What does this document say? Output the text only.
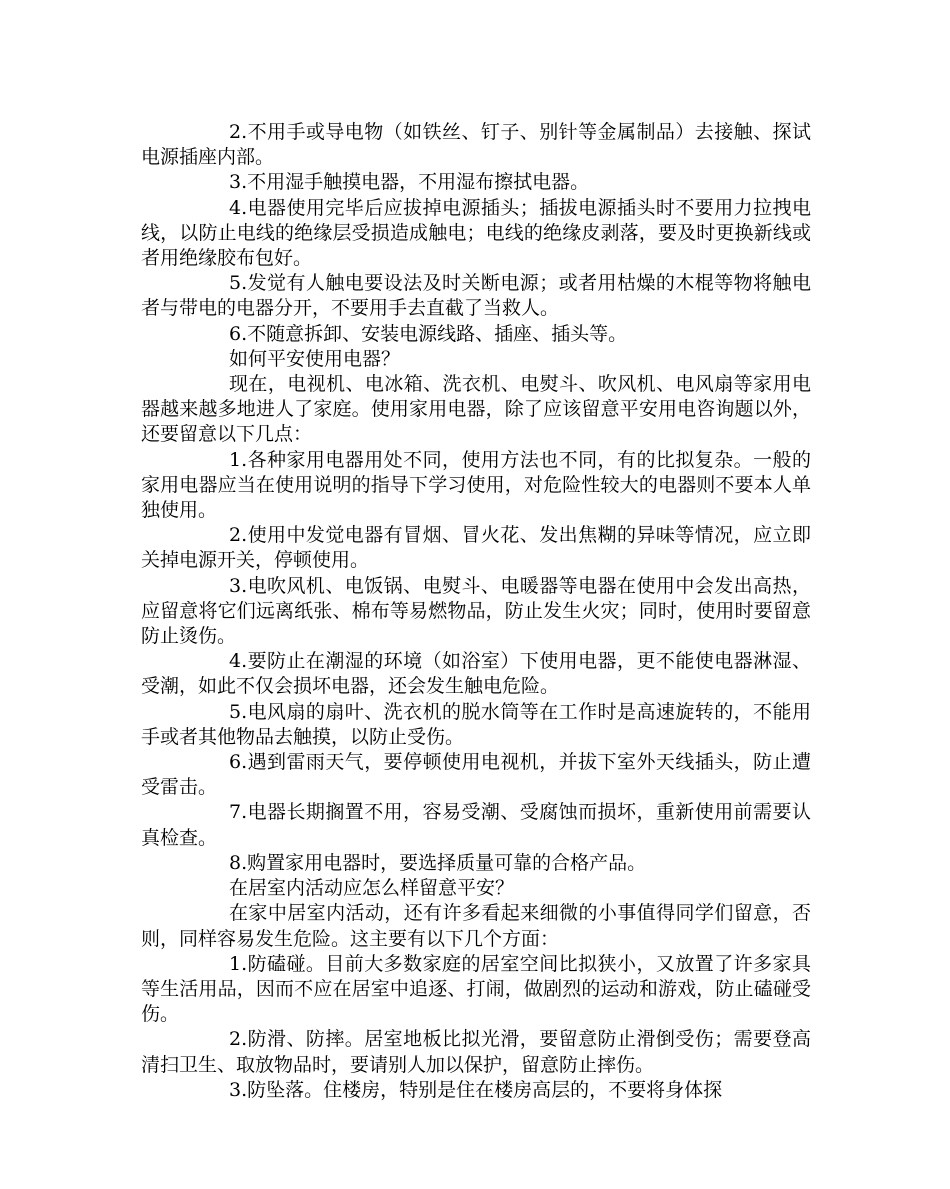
2.不用手或导电物（如铁丝、钉子、别针等金属制品）去接触、探试电源插座内部。

3.不用湿手触摸电器，不用湿布擦拭电器。

4.电器使用完毕后应拔掉电源插头；插拔电源插头时不要用力拉拽电线，以防止电线的绝缘层受损造成触电；电线的绝缘皮剥落，要及时更换新线或者用绝缘胶布包好。

5.发觉有人触电要设法及时关断电源；或者用枯燥的木棍等物将触电者与带电的电器分开，不要用手去直截了当救人。

6.不随意拆卸、安装电源线路、插座、插头等。

如何平安使用电器？

现在，电视机、电冰箱、洗衣机、电熨斗、吹风机、电风扇等家用电器越来越多地进人了家庭。使用家用电器，除了应该留意平安用电咨询题以外，还要留意以下几点：

1.各种家用电器用处不同，使用方法也不同，有的比拟复杂。一般的家用电器应当在使用说明的指导下学习使用，对危险性较大的电器则不要本人单独使用。

2.使用中发觉电器有冒烟、冒火花、发出焦糊的异味等情况，应立即关掉电源开关，停顿使用。

3.电吹风机、电饭锅、电熨斗、电暖器等电器在使用中会发出高热，应留意将它们远离纸张、棉布等易燃物品，防止发生火灾；同时，使用时要留意防止烫伤。

4.要防止在潮湿的环境（如浴室）下使用电器，更不能使电器淋湿、受潮，如此不仅会损坏电器，还会发生触电危险。

5.电风扇的扇叶、洗衣机的脱水筒等在工作时是高速旋转的，不能用手或者其他物品去触摸，以防止受伤。

6.遇到雷雨天气，要停顿使用电视机，并拔下室外天线插头，防止遭受雷击。

7.电器长期搁置不用，容易受潮、受腐蚀而损坏，重新使用前需要认真检查。

8.购置家用电器时，要选择质量可靠的合格产品。

在居室内活动应怎么样留意平安？

在家中居室内活动，还有许多看起来细微的小事值得同学们留意，否则，同样容易发生危险。这主要有以下几个方面：

1.防磕碰。目前大多数家庭的居室空间比拟狭小，又放置了许多家具等生活用品，因而不应在居室中追逐、打闹，做剧烈的运动和游戏，防止磕碰受伤。

2.防滑、防摔。居室地板比拟光滑，要留意防止滑倒受伤；需要登高清扫卫生、取放物品时，要请别人加以保护，留意防止摔伤。

3.防坠落。住楼房，特别是住在楼房高层的，不要将身体探
